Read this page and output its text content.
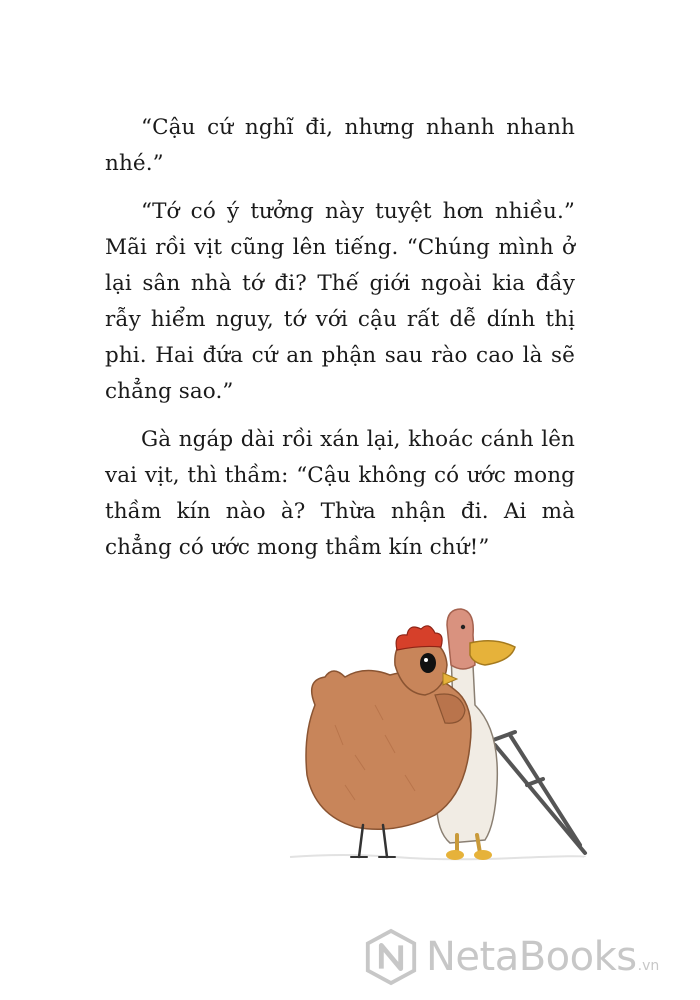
“Cậu cứ nghĩ đi, nhưng nhanh nhanh nhé.”

“Tớ có ý tưởng này tuyệt hơn nhiều.” Mãi rồi vịt cũng lên tiếng. “Chúng mình ở lại sân nhà tớ đi? Thế giới ngoài kia đầy rẫy hiểm nguy, tớ với cậu rất dễ dính thị phi. Hai đứa cứ an phận sau rào cao là sẽ chẳng sao.”

Gà ngáp dài rồi xán lại, khoác cánh lên vai vịt, thì thầm: “Cậu không có ước mong thầm kín nào à? Thừa nhận đi. Ai mà chẳng có ước mong thầm kín chứ!”

NetaBooks .vn
